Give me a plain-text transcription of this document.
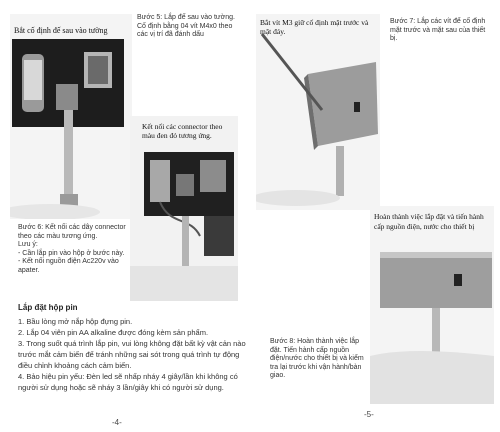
Bắt cố định đế sau vào tường
Bước 5: Lắp đế sau vào tường. Cố định bằng 04 vít M4x0 theo các vị trí đã đánh dấu
Kết nối các connector theo màu đen đỏ tương ứng.
Bắt vít M3 giữ cố định mặt trước và mặt đáy.
Bước 7: Lắp các vít để cố định mặt trước và mặt sau của thiết bị.
Bước 6: Kết nối các dây connector theo các màu tương ứng.
Lưu ý:
- Cần lắp pin vào hộp ở bước này.
- Kết nối nguồn điện Ac220v vào apater.
Hoàn thành việc lắp đặt và tiến hành cấp nguồn điện, nước cho thiết bị
Lắp đặt hộp pin
1. Bầu lòng mở nắp hộp đựng pin.
2. Lắp 04 viên pin AA alkaline được đóng kèm sản phẩm.
3. Trong suốt quá trình lắp pin, vui lòng không đặt bất kỳ vật cản nào trước mắt cảm biến để tránh những sai sót trong quá trình tự động điều chỉnh khoảng cách cảm biến.
4. Bảo hiệu pin yếu: Đèn led sẽ nhấp nháy 4 giây/lần khi không có người sử dụng hoặc sẽ nháy 3 lần/giây khi có người sử dụng.
Bước 8: Hoàn thành việc lắp đặt. Tiến hành cấp nguồn điện/nước cho thiết bị và kiểm tra lại trước khi vận hành/bàn giao.
-4-
-5-
